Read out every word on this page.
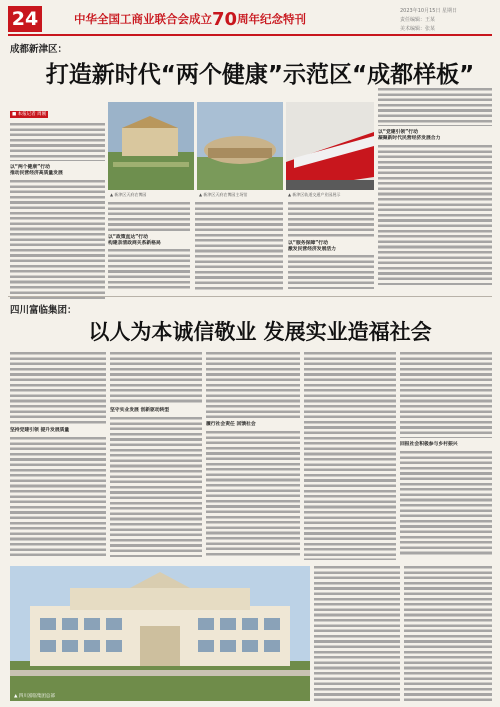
24	中华全国工商业联合会成立70周年纪念特刊
2023年10月15日 星期日
责任编辑：王某
美术编辑：张某
成都新津区：
打造新时代“两个健康”示范区“成都样板”
■ 本报记者 周刚
以“两个健康”行动
推动民营经济高质量发展
▲ 新津区天府农博园	▲ 新津区天府农博园主场馆	▲ 新津区轨道交通产业园展示
以“党建引领”行动
凝聚新时代民营经济发展合力
以“政策直达”行动
构建亲清政商关系新格局	以“服务保障”行动
激发民营经济发展活力
四川富临集团：
以人为本诚信敬业 发展实业造福社会
坚持党建引领 提升发展质量
坚守实业发展 创新驱动转型
履行社会责任 回馈社会
回报社会积极参与乡村振兴
▲ 四川富临集团总部
